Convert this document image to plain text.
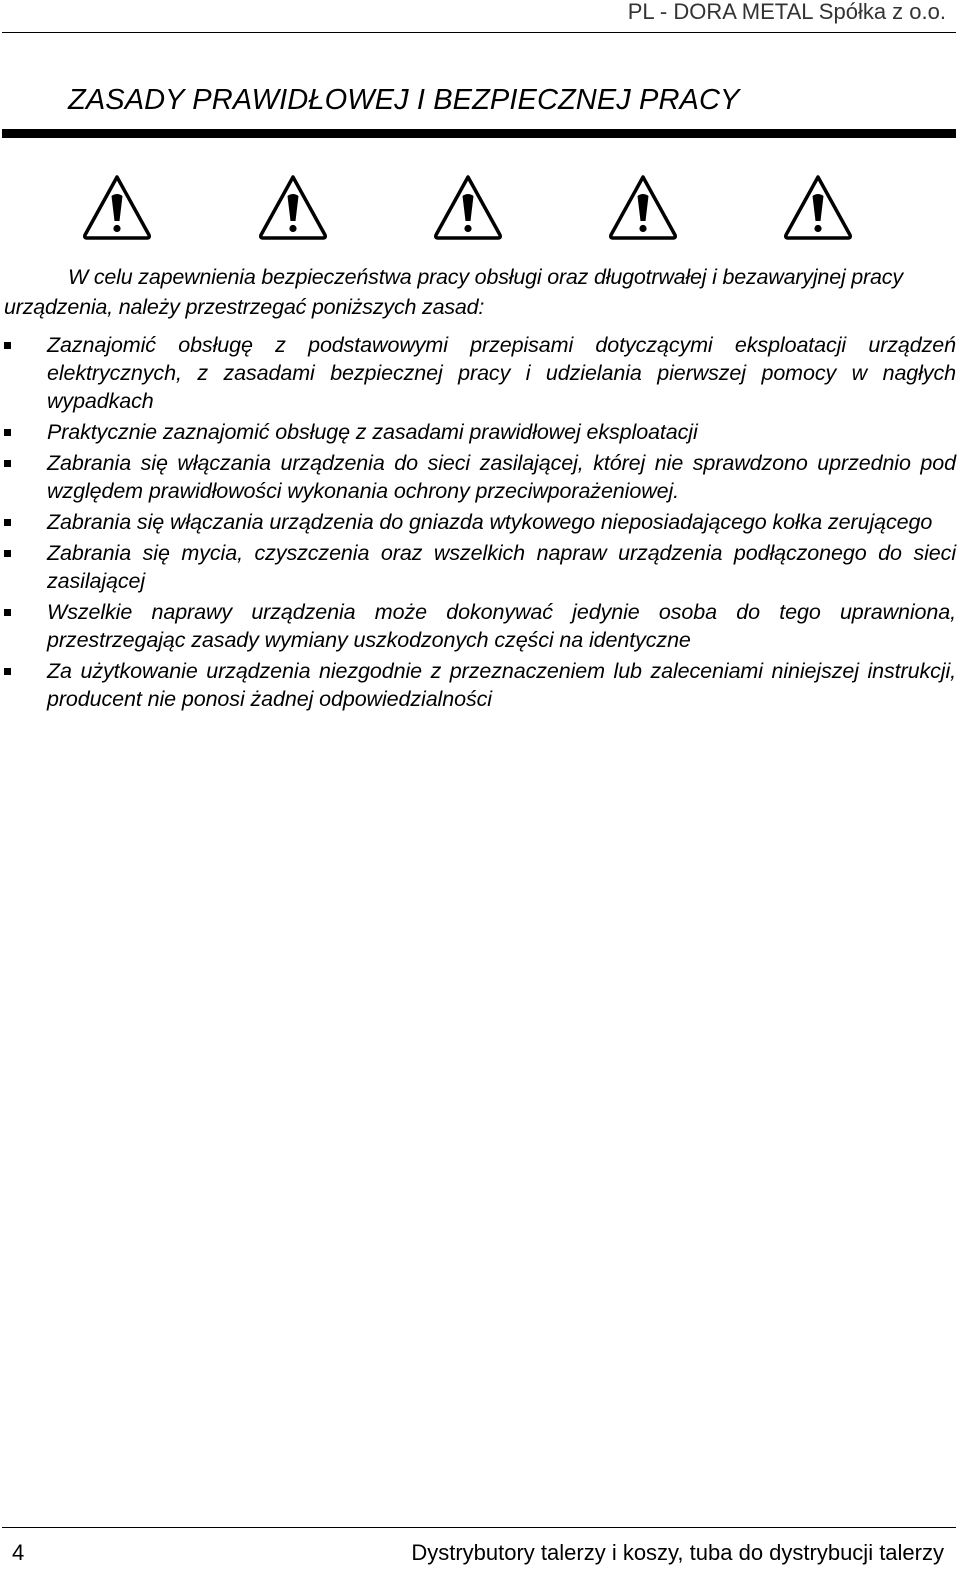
PL - DORA METAL Spółka z o.o.
ZASADY PRAWIDŁOWEJ I BEZPIECZNEJ PRACY

W celu zapewnienia bezpieczeństwa pracy obsługi oraz długotrwałej i bezawaryjnej pracy urządzenia, należy przestrzegać poniższych zasad:

Zaznajomić obsługę z podstawowymi przepisami dotyczącymi eksploatacji urządzeń elektrycznych, z zasadami bezpiecznej pracy i udzielania pierwszej pomocy w nagłych wypadkach
Praktycznie zaznajomić obsługę z zasadami prawidłowej eksploatacji
Zabrania się włączania urządzenia do sieci zasilającej, której nie sprawdzono uprzednio pod względem prawidłowości wykonania ochrony przeciwporażeniowej.
Zabrania się włączania urządzenia do gniazda wtykowego nieposiadającego kołka zerującego
Zabrania się mycia, czyszczenia oraz wszelkich napraw urządzenia podłączonego do sieci zasilającej
Wszelkie naprawy urządzenia może dokonywać jedynie osoba do tego uprawniona, przestrzegając zasady wymiany uszkodzonych części na identyczne
Za użytkowanie urządzenia niezgodnie z przeznaczeniem lub zaleceniami niniejszej instrukcji, producent nie ponosi żadnej odpowiedzialności
4	Dystrybutory talerzy i koszy, tuba do dystrybucji talerzy
